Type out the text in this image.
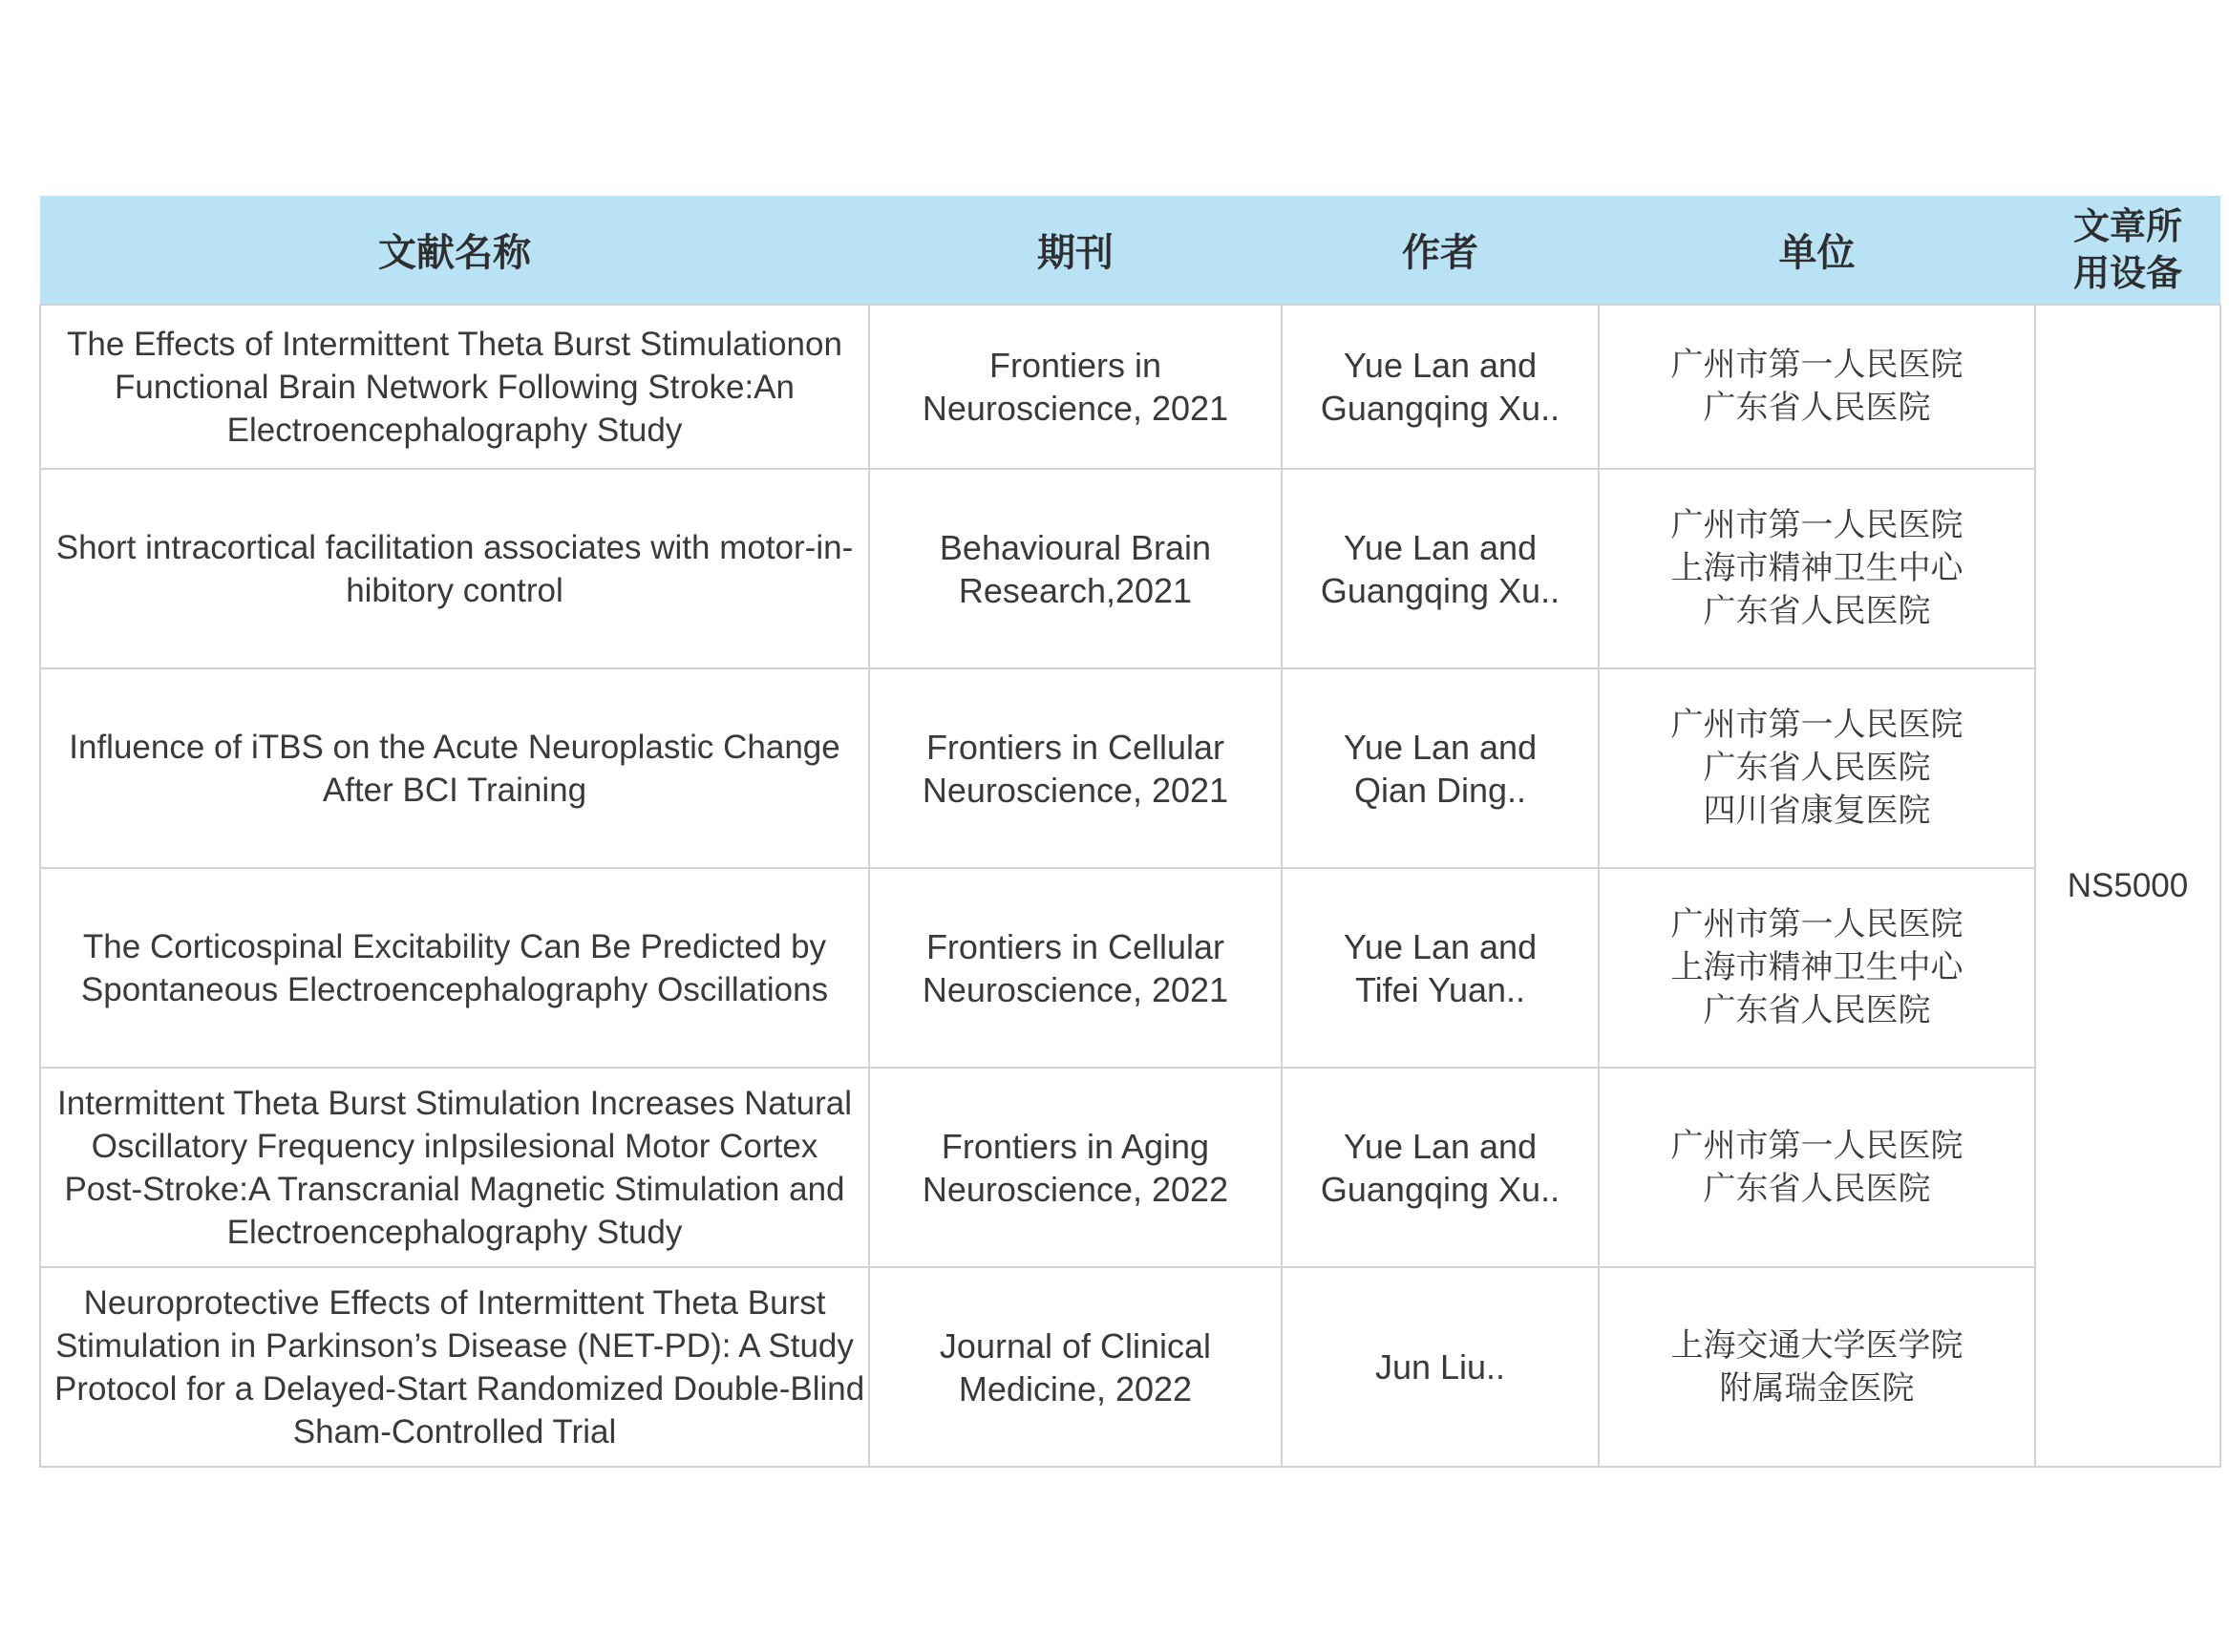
文献名称	期刊	作者	单位	文章所
用设备

The Effects of Intermittent Theta Burst Stimulationon
Functional Brain Network Following Stroke:An
Electroencephalography Study	Frontiers in
Neuroscience, 2021	Yue Lan and
Guangqing Xu..	广州市第一人民医院
广东省人民医院	NS5000

Short intracortical facilitation associates with motor-in-
hibitory control	Behavioural Brain
Research,2021	Yue Lan and
Guangqing Xu..	广州市第一人民医院
上海市精神卫生中心
广东省人民医院	

Influence of iTBS on the Acute Neuroplastic Change
After BCI Training	Frontiers in Cellular
Neuroscience, 2021	Yue Lan and
Qian Ding..	广州市第一人民医院
广东省人民医院
四川省康复医院	

The Corticospinal Excitability Can Be Predicted by
Spontaneous Electroencephalography Oscillations	Frontiers in Cellular
Neuroscience, 2021	Yue Lan and
Tifei Yuan..	广州市第一人民医院
上海市精神卫生中心
广东省人民医院	

Intermittent Theta Burst Stimulation Increases Natural
Oscillatory Frequency inIpsilesional Motor Cortex
Post-Stroke:A Transcranial Magnetic Stimulation and
Electroencephalography Study	Frontiers in Aging
Neuroscience, 2022	Yue Lan and
Guangqing Xu..	广州市第一人民医院
广东省人民医院	

Neuroprotective Effects of Intermittent Theta Burst
Stimulation in Parkinson’s Disease (NET-PD): A Study
Protocol for a Delayed-Start Randomized Double-Blind
Sham-Controlled Trial	Journal of Clinical
Medicine, 2022	Jun Liu..	上海交通大学医学院
附属瑞金医院	
